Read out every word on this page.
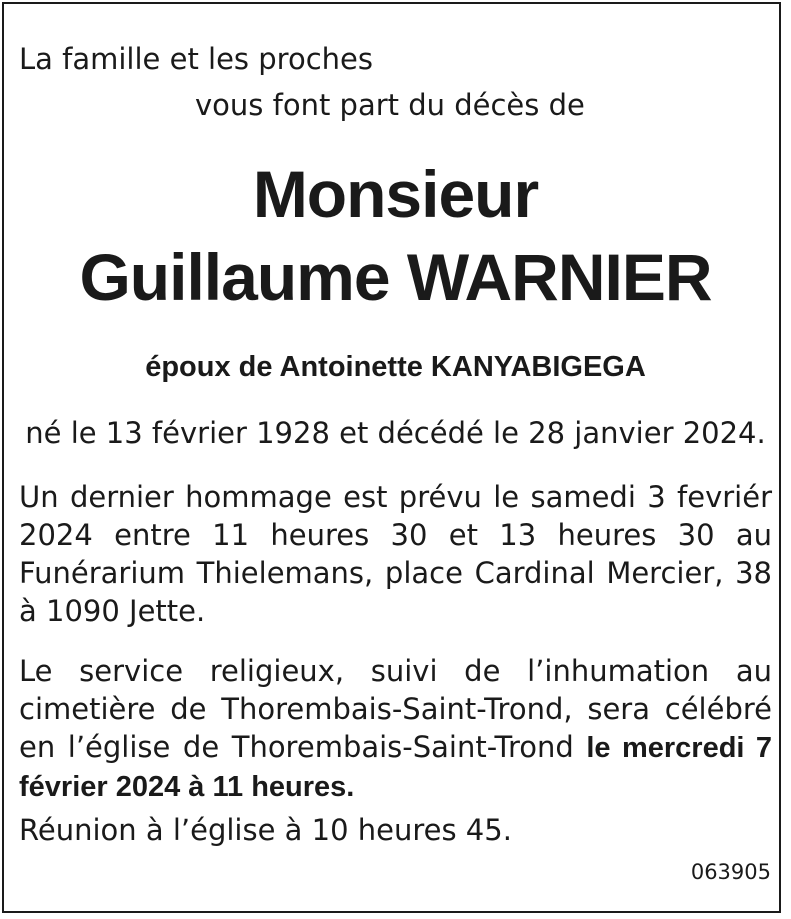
La famille et les proches

vous font part du décès de

Monsieur
Guillaume WARNIER

époux de Antoinette KANYABIGEGA

né le 13 février 1928 et décédé le 28 janvier 2024.

Un dernier hommage est prévu le samedi 3 fevriér 2024 entre 11 heures 30 et 13 heures 30 au Funérarium Thielemans, place Cardinal Mercier, 38 à 1090 Jette.

Le service religieux, suivi de l’inhumation au cimetière de Thorembais-Saint-Trond, sera célébré en l’église de Thorembais-Saint-Trond le mercredi 7 février 2024 à 11 heures.

Réunion à l’église à 10 heures 45.

063905
